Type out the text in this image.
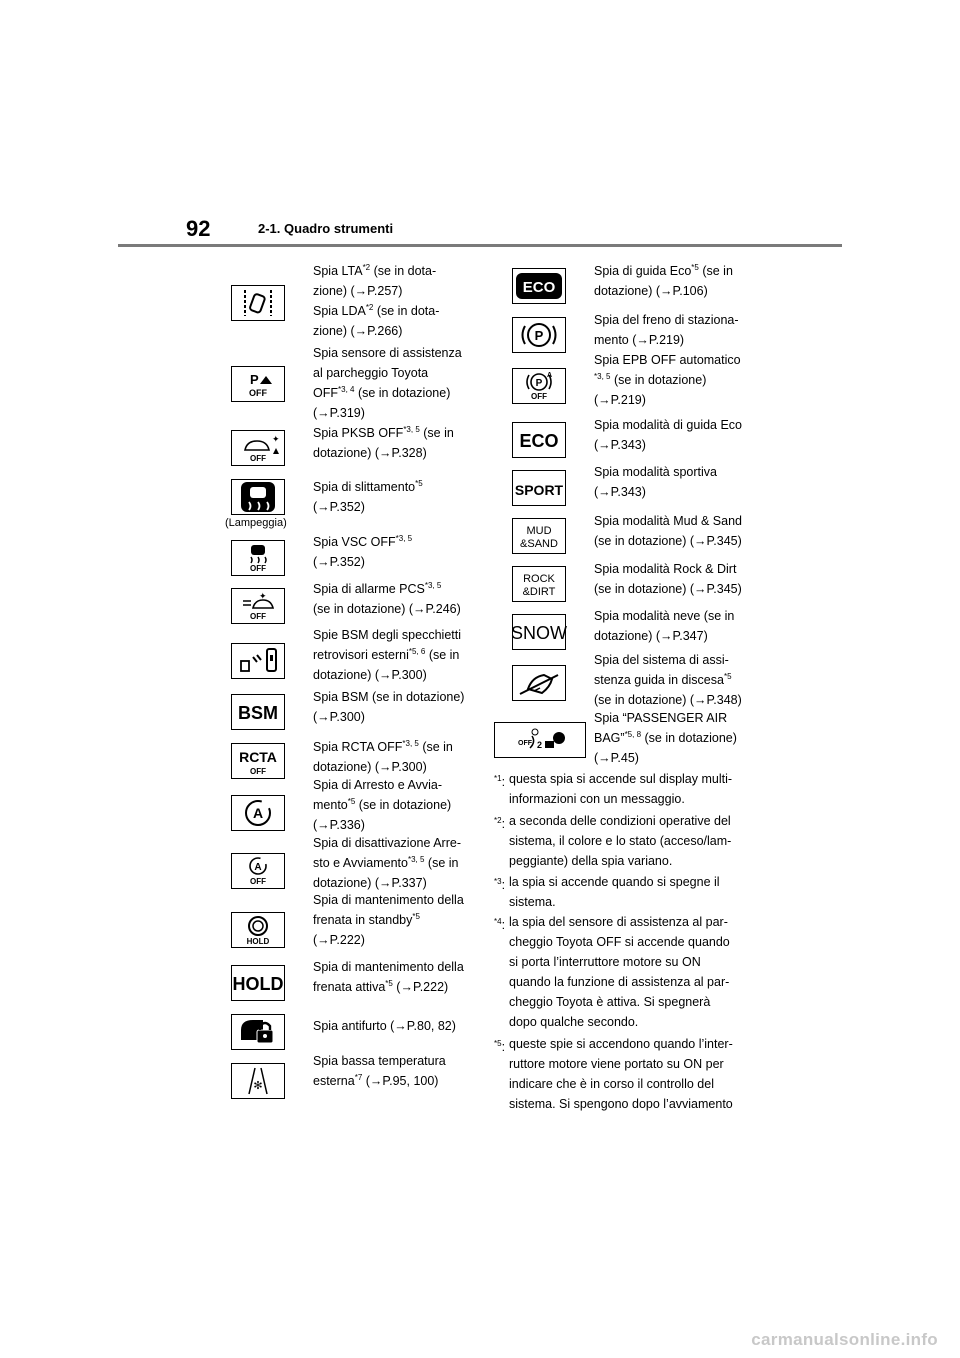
92	2-1. Quadro strumenti
Spia LTA$^{*2}$ (se in dota-
zione) (→P.257)
Spia LDA$^{*2}$ (se in dota-
zione) (→P.266)
P
OFF
Spia sensore di assistenza
al parcheggio Toyota
OFF$^{*3, 4}$ (se in dotazione)
(→P.319)
✦
OFF
Spia PKSB OFF$^{*3, 5}$ (se in
dotazione) (→P.328)
(Lampeggia)
Spia di slittamento$^{*5}$
(→P.352)
OFF
Spia VSC OFF$^{*3, 5}$
(→P.352)
✦
OFF
Spia di allarme PCS$^{*3, 5}$
(se in dotazione) (→P.246)
Spie BSM degli specchietti
retrovisori esterni$^{*5, 6}$ (se in
dotazione) (→P.300)
BSM
Spia BSM (se in dotazione)
(→P.300)
RCTA
OFF
Spia RCTA OFF$^{*3, 5}$ (se in
dotazione) (→P.300)
A
Spia di Arresto e Avvia-
mento$^{*5}$ (se in dotazione)
(→P.336)
A
OFF
Spia di disattivazione Arre-
sto e Avviamento$^{*3, 5}$ (se in
dotazione) (→P.337)
HOLD
Spia di mantenimento della
frenata in standby$^{*5}$
(→P.222)
HOLD
Spia di mantenimento della
frenata attiva$^{*5}$ (→P.222)
Spia antifurto (→P.80, 82)
✻
Spia bassa temperatura
esterna$^{*7}$ (→P.95, 100)
ECO
Spia di guida Eco$^{*5}$ (se in
dotazione) (→P.106)
P
Spia del freno di staziona-
mento (→P.219)
P
A
OFF
Spia EPB OFF automatico
$^{*3, 5}$ (se in dotazione)
(→P.219)
ECO
Spia modalità di guida Eco
(→P.343)
SPORT
Spia modalità sportiva
(→P.343)
MUD
&SAND
Spia modalità Mud & Sand
(se in dotazione) (→P.345)
ROCK
&DIRT
Spia modalità Rock & Dirt
(se in dotazione) (→P.345)
SNOW
Spia modalità neve (se in
dotazione) (→P.347)
Spia del sistema di assi-
stenza guida in discesa$^{*5}$
(se in dotazione) (→P.348)
OFF 2
Spia “PASSENGER AIR
BAG”$^{*5, 8}$ (se in dotazione)
(→P.45)
$^{*1}$: questa spia si accende sul display multi-
informazioni con un messaggio.
$^{*2}$: a seconda delle condizioni operative del
sistema, il colore e lo stato (acceso/lam-
peggiante) della spia variano.
$^{*3}$: la spia si accende quando si spegne il
sistema.
$^{*4}$: la spia del sensore di assistenza al par-
cheggio Toyota OFF si accende quando
si porta l’interruttore motore su ON
quando la funzione di assistenza al par-
cheggio Toyota è attiva. Si spegnerà
dopo qualche secondo.
$^{*5}$: queste spie si accendono quando l’inter-
ruttore motore viene portato su ON per
indicare che è in corso il controllo del
sistema. Si spengono dopo l’avviamento
carmanualsonline.info
